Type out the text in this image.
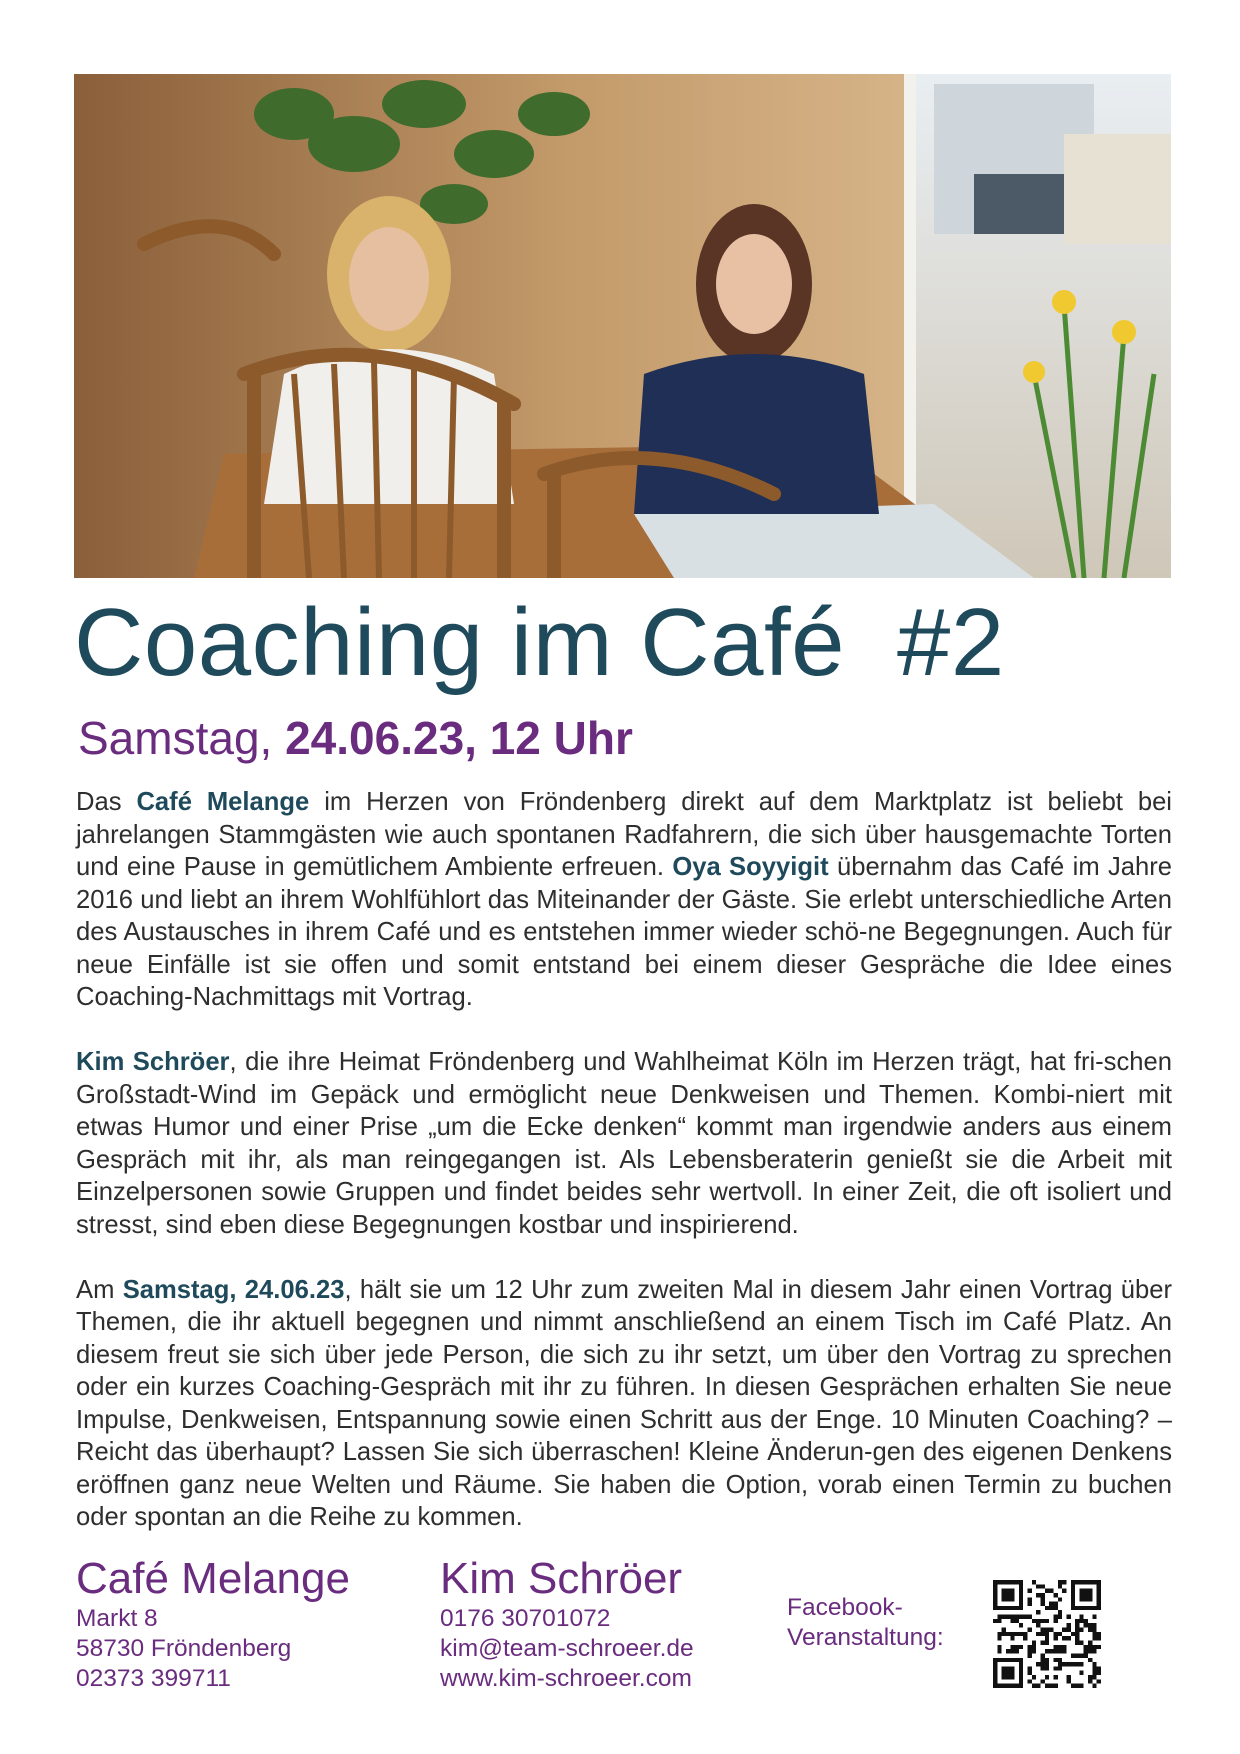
Coaching im Café #2
Samstag, 24.06.23, 12 Uhr

Das Café Melange im Herzen von Fröndenberg direkt auf dem Marktplatz ist beliebt bei jahrelangen Stammgästen wie auch spontanen Radfahrern, die sich über hausgemachte Torten und eine Pause in gemütlichem Ambiente erfreuen. Oya Soyyigit übernahm das Café im Jahre 2016 und liebt an ihrem Wohlfühlort das Miteinander der Gäste. Sie erlebt unterschiedliche Arten des Austausches in ihrem Café und es entstehen immer wieder schö-ne Begegnungen. Auch für neue Einfälle ist sie offen und somit entstand bei einem dieser Gespräche die Idee eines Coaching-Nachmittags mit Vortrag.

Kim Schröer, die ihre Heimat Fröndenberg und Wahlheimat Köln im Herzen trägt, hat fri-schen Großstadt-Wind im Gepäck und ermöglicht neue Denkweisen und Themen. Kombi-niert mit etwas Humor und einer Prise „um die Ecke denken“ kommt man irgendwie anders aus einem Gespräch mit ihr, als man reingegangen ist. Als Lebensberaterin genießt sie die Arbeit mit Einzelpersonen sowie Gruppen und findet beides sehr wertvoll. In einer Zeit, die oft isoliert und stresst, sind eben diese Begegnungen kostbar und inspirierend.

Am Samstag, 24.06.23, hält sie um 12 Uhr zum zweiten Mal in diesem Jahr einen Vortrag über Themen, die ihr aktuell begegnen und nimmt anschließend an einem Tisch im Café Platz. An diesem freut sie sich über jede Person, die sich zu ihr setzt, um über den Vortrag zu sprechen oder ein kurzes Coaching-Gespräch mit ihr zu führen. In diesen Gesprächen erhalten Sie neue Impulse, Denkweisen, Entspannung sowie einen Schritt aus der Enge. 10 Minuten Coaching? – Reicht das überhaupt? Lassen Sie sich überraschen! Kleine Änderun-gen des eigenen Denkens eröffnen ganz neue Welten und Räume. Sie haben die Option, vorab einen Termin zu buchen oder spontan an die Reihe zu kommen.

Café Melange
Markt 8
58730 Fröndenberg
02373 399711
Kim Schröer
0176 30701072
kim@team-schroeer.de
www.kim-schroeer.com
Facebook-
Veranstaltung:
